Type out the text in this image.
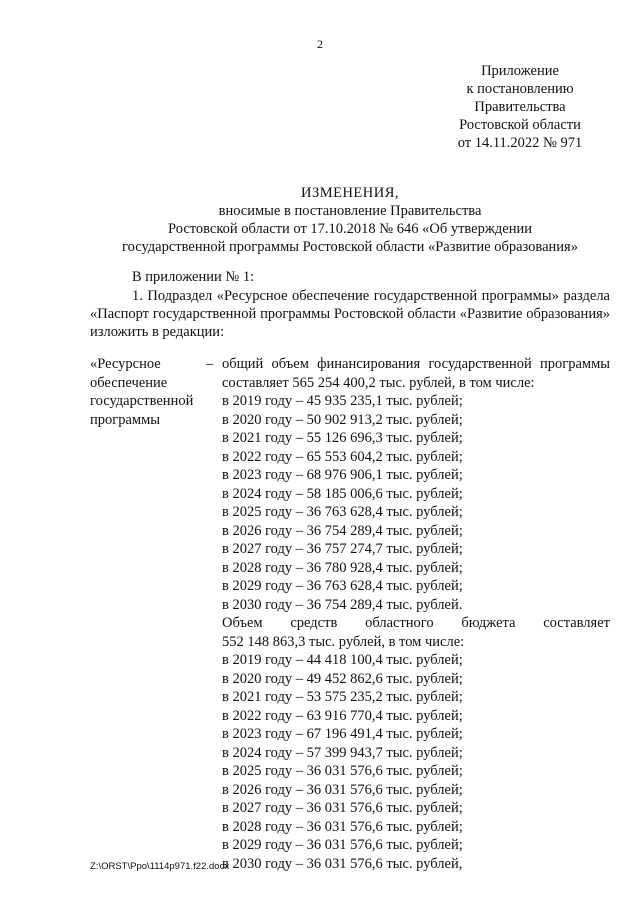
2
Приложение
к постановлению
Правительства
Ростовской области
от 14.11.2022 № 971
ИЗМЕНЕНИЯ,
вносимые в постановление Правительства
Ростовской области от 17.10.2018 № 646 «Об утверждении
государственной программы Ростовской области «Развитие образования»
В приложении № 1:
1. Подраздел «Ресурсное обеспечение государственной программы» раздела «Паспорт государственной программы Ростовской области «Развитие образования» изложить в редакции:
«Ресурсное
обеспечение
государственной
программы
– общий объем финансирования государственной программы
составляет 565 254 400,2 тыс. рублей, в том числе:
в 2019 году – 45 935 235,1 тыс. рублей;
в 2020 году – 50 902 913,2 тыс. рублей;
в 2021 году – 55 126 696,3 тыс. рублей;
в 2022 году – 65 553 604,2 тыс. рублей;
в 2023 году – 68 976 906,1 тыс. рублей;
в 2024 году – 58 185 006,6 тыс. рублей;
в 2025 году – 36 763 628,4 тыс. рублей;
в 2026 году – 36 754 289,4 тыс. рублей;
в 2027 году – 36 757 274,7 тыс. рублей;
в 2028 году – 36 780 928,4 тыс. рублей;
в 2029 году – 36 763 628,4 тыс. рублей;
в 2030 году – 36 754 289,4 тыс. рублей.
Объем средств областного бюджета составляет
552 148 863,3 тыс. рублей, в том числе:
в 2019 году – 44 418 100,4 тыс. рублей;
в 2020 году – 49 452 862,6 тыс. рублей;
в 2021 году – 53 575 235,2 тыс. рублей;
в 2022 году – 63 916 770,4 тыс. рублей;
в 2023 году – 67 196 491,4 тыс. рублей;
в 2024 году – 57 399 943,7 тыс. рублей;
в 2025 году – 36 031 576,6 тыс. рублей;
в 2026 году – 36 031 576,6 тыс. рублей;
в 2027 году – 36 031 576,6 тыс. рублей;
в 2028 году – 36 031 576,6 тыс. рублей;
в 2029 году – 36 031 576,6 тыс. рублей;
в 2030 году – 36 031 576,6 тыс. рублей,
Z:\ORST\Ppo\1114p971.f22.docx
